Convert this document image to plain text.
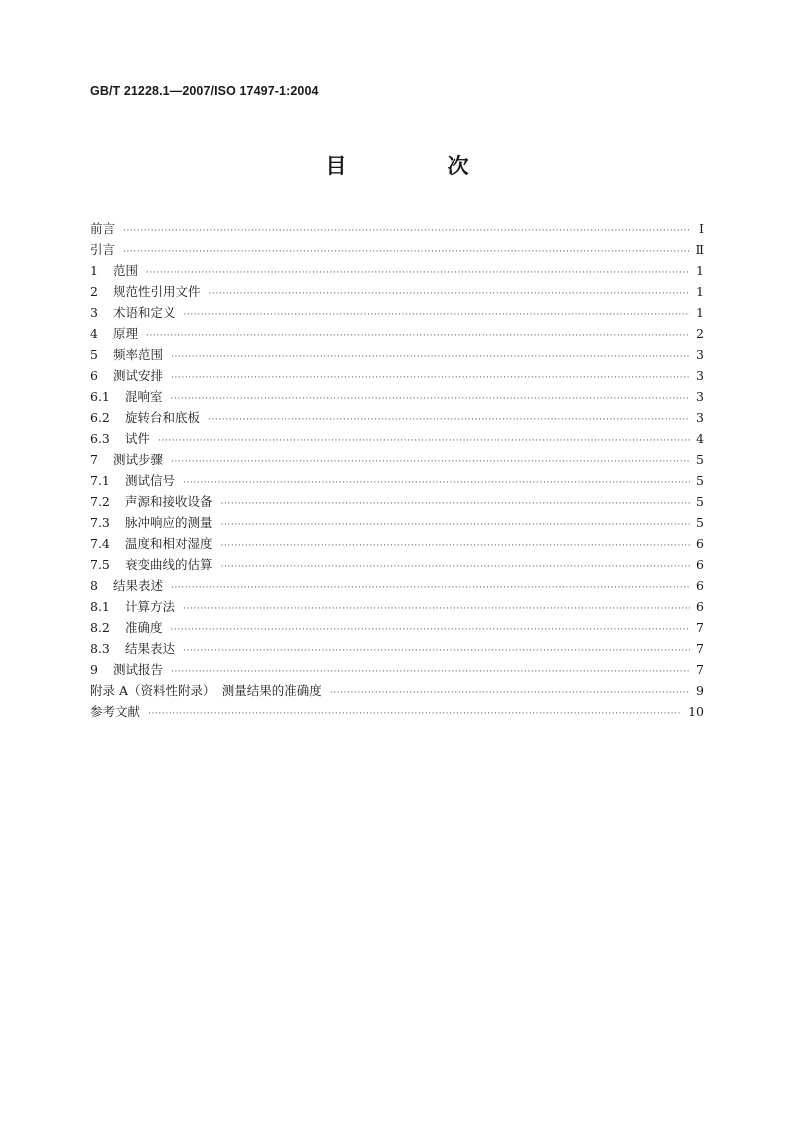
GB/T 21228.1—2007/ISO 17497-1:2004
目　次
前言 ·····	I
引言 ·····	Ⅱ
1	范围 ·····	1
2	规范性引用文件 ·····	1
3	术语和定义 ·····	1
4	原理 ·····	2
5	频率范围 ·····	3
6	测试安排 ·····	3
6.1	混响室 ·····	3
6.2	旋转台和底板 ·····	3
6.3	试件 ·····	4
7	测试步骤 ·····	5
7.1	测试信号 ·····	5
7.2	声源和接收设备 ·····	5
7.3	脉冲响应的测量 ·····	5
7.4	温度和相对湿度 ·····	6
7.5	衰变曲线的估算 ·····	6
8	结果表述 ·····	6
8.1	计算方法 ·····	6
8.2	准确度 ·····	7
8.3	结果表达 ·····	7
9	测试报告 ·····	7
附录 A（资料性附录）　测量结果的准确度 ·····	9
参考文献 ·····	10
